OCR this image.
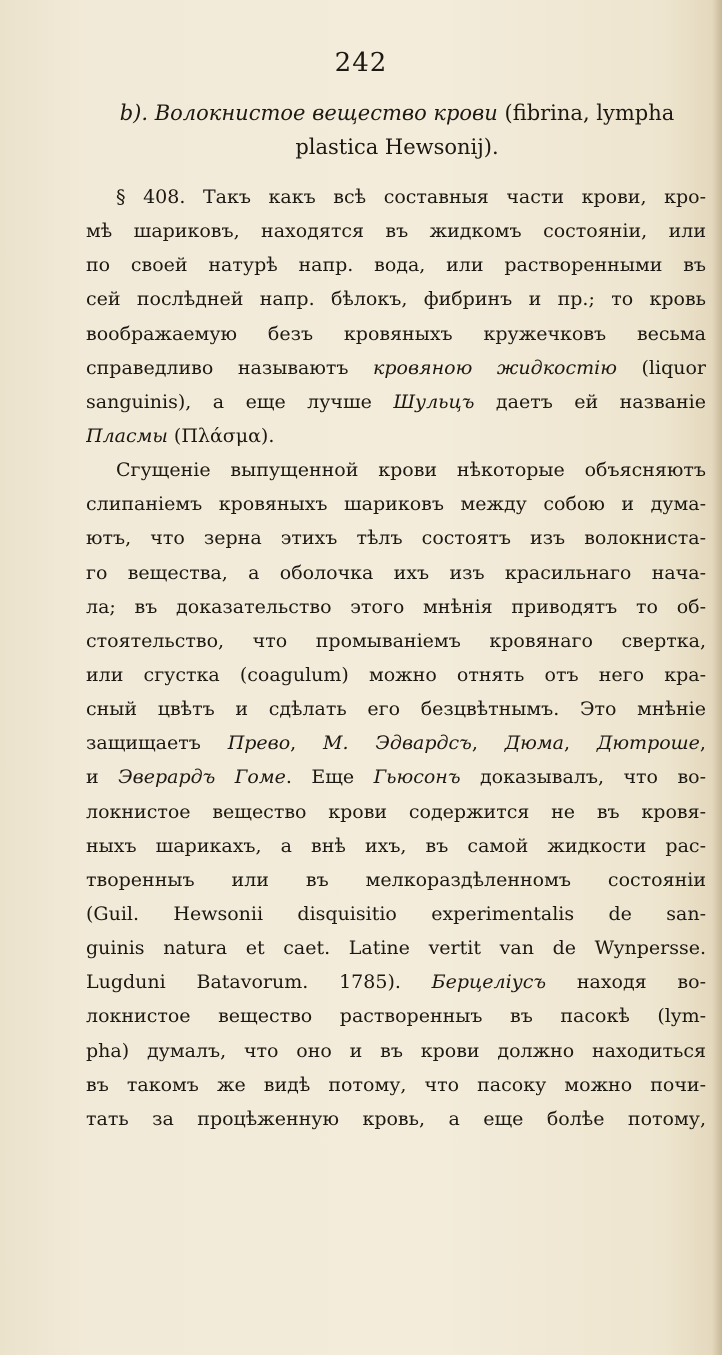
242
b). Волокнистое вещество крови (fibrina, lympha
plastica Hewsonij).
§ 408. Такъ какъ всѣ составныя части крови, кро-
мѣ шариковъ, находятся въ жидкомъ состоянiи, или
по своей натурѣ напр. вода, или растворенными въ
сей послѣдней напр. бѣлокъ, фибринъ и пр.; то кровь
воображаемую безъ кровяныхъ кружечковъ весьма
справедливо называютъ кровяною жидкостiю (liquor
sanguinis), а еще лучше Шульцъ даетъ ей названiе
Пласмы (Πλάσμα).
Сгущенiе выпущенной крови нѣкоторые объясняютъ
слипанiемъ кровяныхъ шариковъ между собою и дума-
ютъ, что зерна этихъ тѣлъ состоятъ изъ волокниста-
го вещества, а оболочка ихъ изъ красильнаго нача-
ла; въ доказательство этого мнѣнiя приводятъ то об-
стоятельство, что промыванiемъ кровянаго свертка,
или сгустка (coagulum) можно отнять отъ него кра-
сный цвѣтъ и сдѣлать его безцвѣтнымъ. Это мнѣнiе
защищаетъ Прево, М. Эдвардсъ, Дюма, Дютроше,
и Эверардъ Гоме. Еще Гьюсонъ доказывалъ, что во-
локнистое вещество крови содержится не въ кровя-
ныхъ шарикахъ, а внѣ ихъ, въ самой жидкости рас-
творенныъ или въ мелкораздѣленномъ состоянiи
(Guil. Hewsonii disquisitio experimentalis de san-
guinis natura et caet. Latine vertit van de Wynpersse.
Lugduni Batavorum. 1785). Берцелiусъ находя во-
локнистое вещество растворенныъ въ пасокѣ (lym-
pha) думалъ, что оно и въ крови должно находиться
въ такомъ же видѣ потому, что пасоку можно почи-
тать за процѣженную кровь, а еще болѣе потому,
